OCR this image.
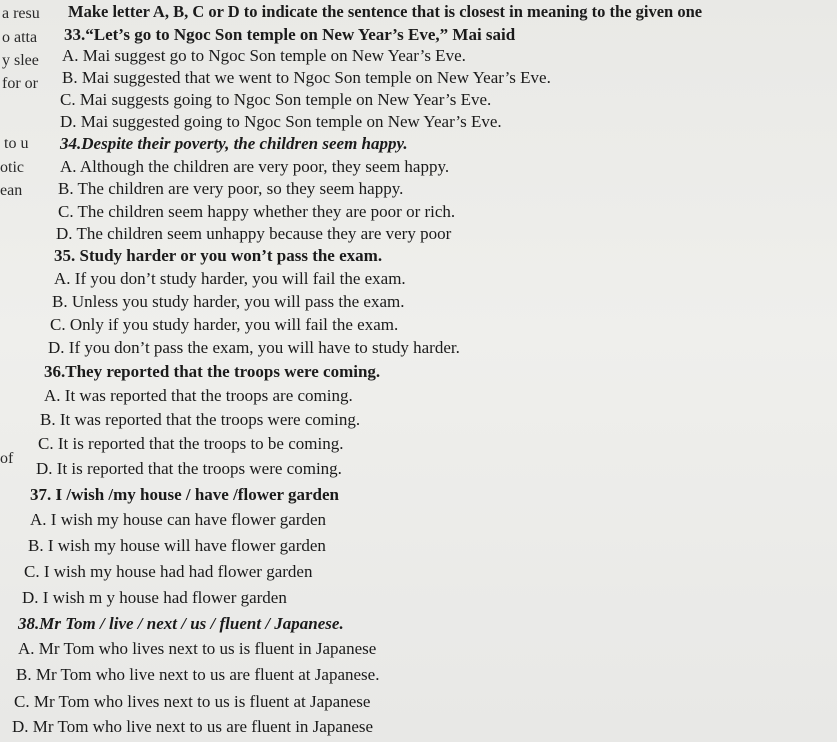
a resu
o atta
y slee
for or
to u
otic
ean
of
Make letter A, B, C or D to indicate the sentence that is closest in meaning to the given one
33.“Let’s go to Ngoc Son temple on New Year’s Eve,” Mai said
A. Mai suggest go to Ngoc Son temple on New Year’s Eve.
B. Mai suggested that we went to Ngoc Son temple on New Year’s Eve.
C. Mai suggests going to Ngoc Son temple on New Year’s Eve.
D. Mai suggested going to Ngoc Son temple on New Year’s Eve.
34.Despite their poverty, the children seem happy.
A. Although the children are very poor, they seem happy.
B. The children are very poor, so they seem happy.
C. The children seem happy whether they are poor or rich.
D. The children seem unhappy because they are very poor
35. Study harder or you won’t pass the exam.
A. If you don’t study harder, you will fail the exam.
B. Unless you study harder, you will pass the exam.
C. Only if you study harder, you will fail the exam.
D. If you don’t pass the exam, you will have to study harder.
36.They reported that the troops were coming.
A. It was reported that the troops are coming.
B. It was reported that the troops were coming.
C. It is reported that the troops to be coming.
D. It is reported that the troops were coming.
37. I /wish /my house / have /flower garden
A. I wish my house can have flower garden
B. I wish my house will have flower garden
C. I wish my house had had flower garden
D. I wish m y house had flower garden
38.Mr Tom / live / next / us / fluent / Japanese.
A. Mr Tom who lives next to us is fluent in Japanese
B. Mr Tom who live next to us are fluent at Japanese.
C. Mr Tom who lives next to us is fluent at Japanese
D. Mr Tom who live next to us are fluent in Japanese
